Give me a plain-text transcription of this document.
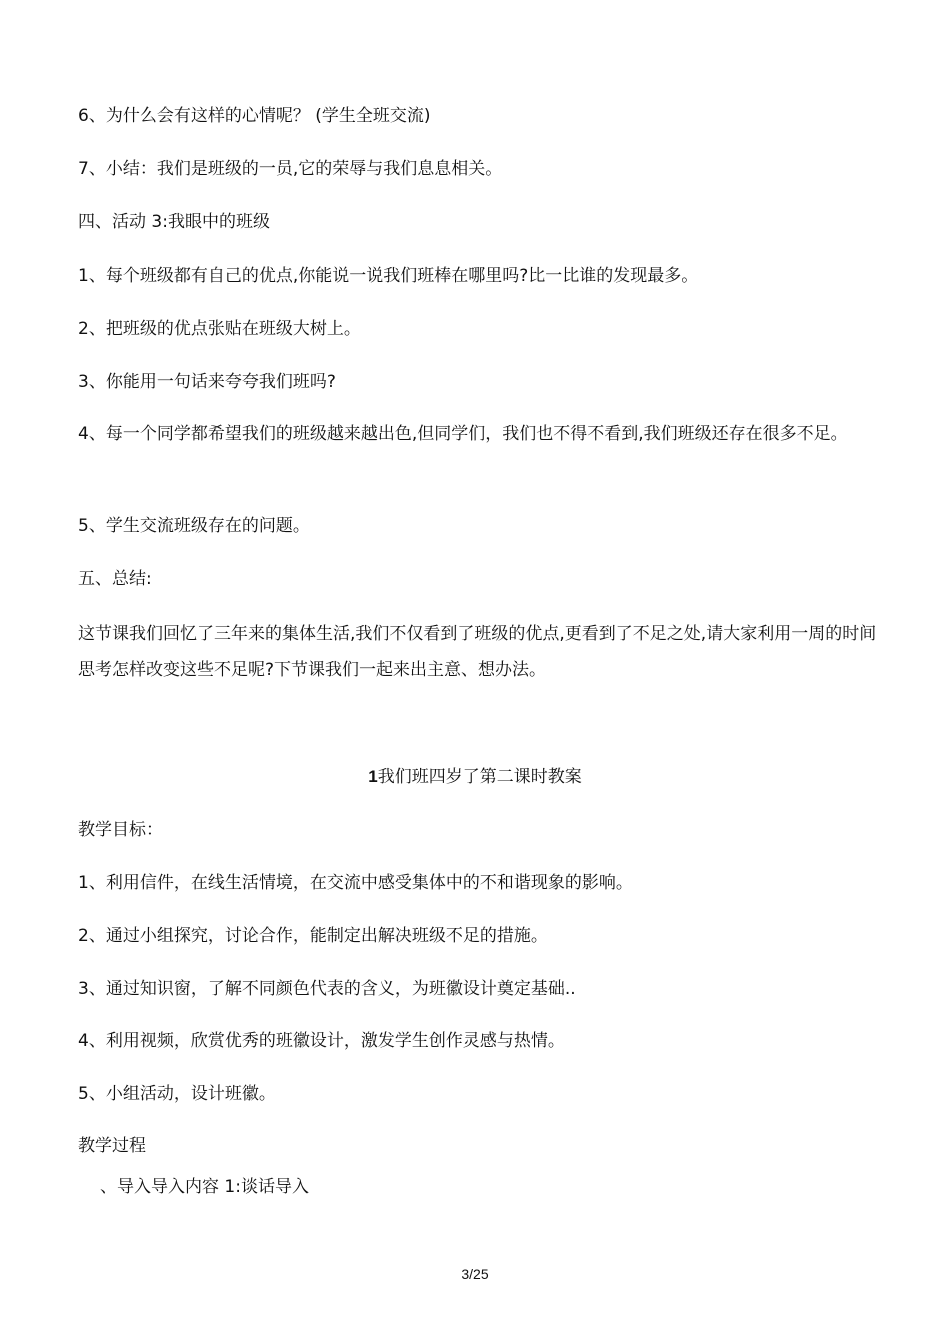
6、为什么会有这样的心情呢？ (学生全班交流)
7、小结：我们是班级的一员,它的荣辱与我们息息相关。
四、活动 3:我眼中的班级
1、每个班级都有自己的优点,你能说一说我们班棒在哪里吗?比一比谁的发现最多。
2、把班级的优点张贴在班级大树上。
3、你能用一句话来夸夸我们班吗?
4、每一个同学都希望我们的班级越来越出色,但同学们，我们也不得不看到,我们班级还存在很多不足。
5、学生交流班级存在的问题。
五、总结:
这节课我们回忆了三年来的集体生活,我们不仅看到了班级的优点,更看到了不足之处,请大家利用一周的时间思考怎样改变这些不足呢?下节课我们一起来出主意、想办法。
1我们班四岁了第二课时教案
教学目标：
1、利用信件，在线生活情境，在交流中感受集体中的不和谐现象的影响。
2、通过小组探究，讨论合作，能制定出解决班级不足的措施。
3、通过知识窗，了解不同颜色代表的含义，为班徽设计奠定基础..
4、利用视频，欣赏优秀的班徽设计，激发学生创作灵感与热情。
5、小组活动，设计班徽。
教学过程
、导入导入内容 1:谈话导入
3/25
